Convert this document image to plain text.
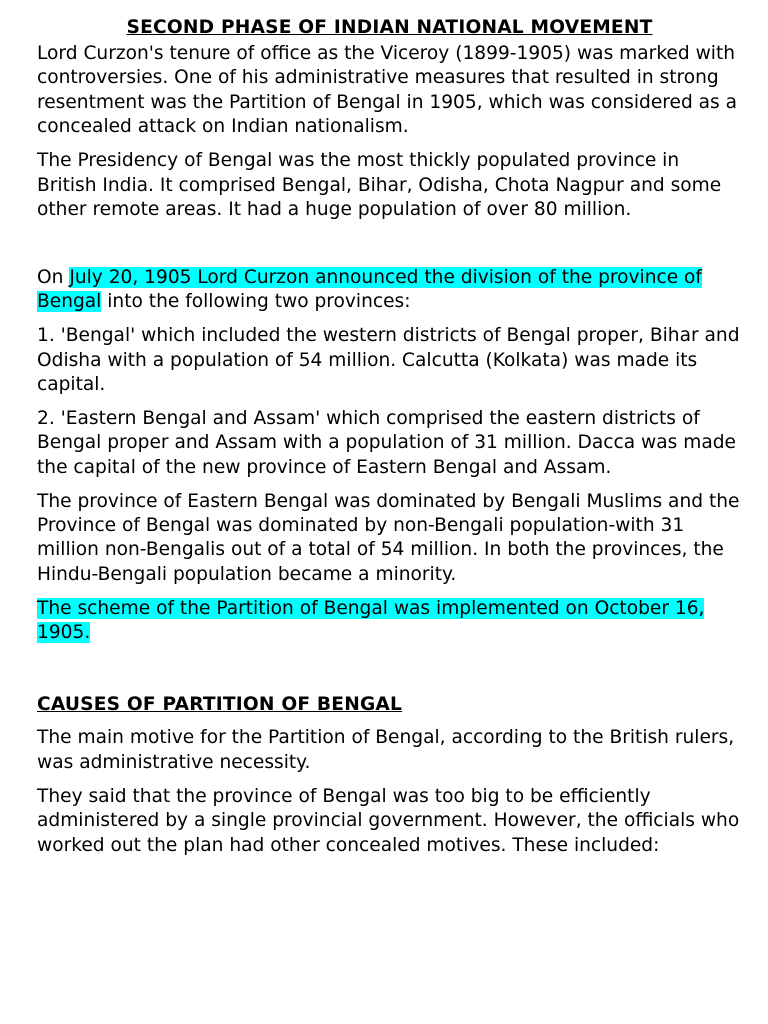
SECOND PHASE OF INDIAN NATIONAL MOVEMENT

Lord Curzon's tenure of office as the Viceroy (1899-1905) was marked with controversies. One of his administrative measures that resulted in strong resentment was the Partition of Bengal in 1905, which was considered as a concealed attack on Indian nationalism.

The Presidency of Bengal was the most thickly populated province in British India. It comprised Bengal, Bihar, Odisha, Chota Nagpur and some other remote areas. It had a huge population of over 80 million.

On July 20, 1905 Lord Curzon announced the division of the province of Bengal into the following two provinces:

1. 'Bengal' which included the western districts of Bengal proper, Bihar and Odisha with a population of 54 million. Calcutta (Kolkata) was made its capital.

2. 'Eastern Bengal and Assam' which comprised the eastern districts of Bengal proper and Assam with a population of 31 million. Dacca was made the capital of the new province of Eastern Bengal and Assam.

The province of Eastern Bengal was dominated by Bengali Muslims and the Province of Bengal was dominated by non-Bengali population-with 31 million non-Bengalis out of a total of 54 million. In both the provinces, the Hindu-Bengali population became a minority.

The scheme of the Partition of Bengal was implemented on October 16, 1905.

CAUSES OF PARTITION OF BENGAL

The main motive for the Partition of Bengal, according to the British rulers, was administrative necessity.

They said that the province of Bengal was too big to be efficiently administered by a single provincial government. However, the officials who worked out the plan had other concealed motives. These included:
